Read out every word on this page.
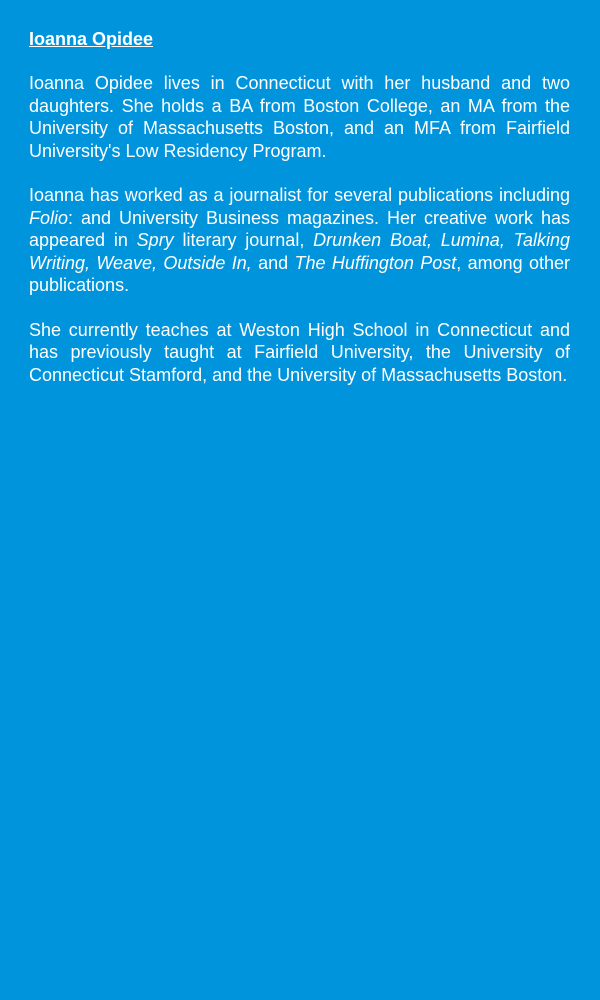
Ioanna Opidee

Ioanna Opidee lives in Connecticut with her husband and two daughters. She holds a BA from Boston College, an MA from the University of Massachusetts Boston, and an MFA from Fairfield University's Low Residency Program.

Ioanna has worked as a journalist for several publications including Folio: and University Business magazines. Her creative work has appeared in Spry literary journal, Drunken Boat, Lumina, Talking Writing, Weave, Outside In, and The Huffington Post, among other publications.

She currently teaches at Weston High School in Connecticut and has previously taught at Fairfield University, the University of Connecticut Stamford, and the University of Massachusetts Boston.
